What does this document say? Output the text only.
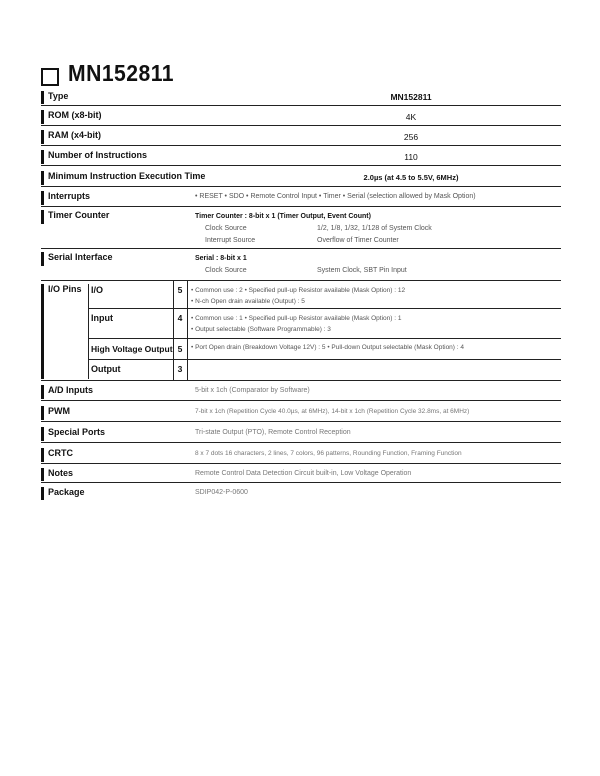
MN152811
Type	MN152811
ROM (x8-bit)	4K
RAM (x4-bit)	256
Number of Instructions	110
Minimum Instruction Execution Time	2.0µs (at 4.5 to 5.5V, 6MHz)
Interrupts	• RESET • SDO • Remote Control Input • Timer • Serial (selection allowed by Mask Option)
Timer Counter	Timer Counter : 8-bit x 1 (Timer Output, Event Count)
Clock Source	1/2, 1/8, 1/32, 1/128 of System Clock
Interrupt Source	Overflow of Timer Counter
Serial Interface	Serial : 8-bit x 1
Clock Source	System Clock, SBT Pin Input
I/O Pins	I/O	5	• Common use : 2 • Specified pull-up Resistor available (Mask Option) : 12
• N-ch Open drain available (Output) : 5
Input	4	• Common use : 1 • Specified pull-up Resistor available (Mask Option) : 1
• Output selectable (Software Programmable) : 3
High Voltage Output 5	• Port Open drain (Breakdown Voltage 12V) : 5 • Pull-down Output selectable (Mask Option) : 4
Output	3
A/D Inputs	5-bit x 1ch (Comparator by Software)
PWM	7-bit x 1ch (Repetition Cycle 40.0µs, at 6MHz), 14-bit x 1ch (Repetition Cycle 32.8ms, at 6MHz)
Special Ports	Tri-state Output (PTO), Remote Control Reception
CRTC	8 x 7 dots 16 characters, 2 lines, 7 colors, 96 patterns, Rounding Function, Framing Function
Notes	Remote Control Data Detection Circuit built-in, Low Voltage Operation
Package	SDIP042-P-0600
